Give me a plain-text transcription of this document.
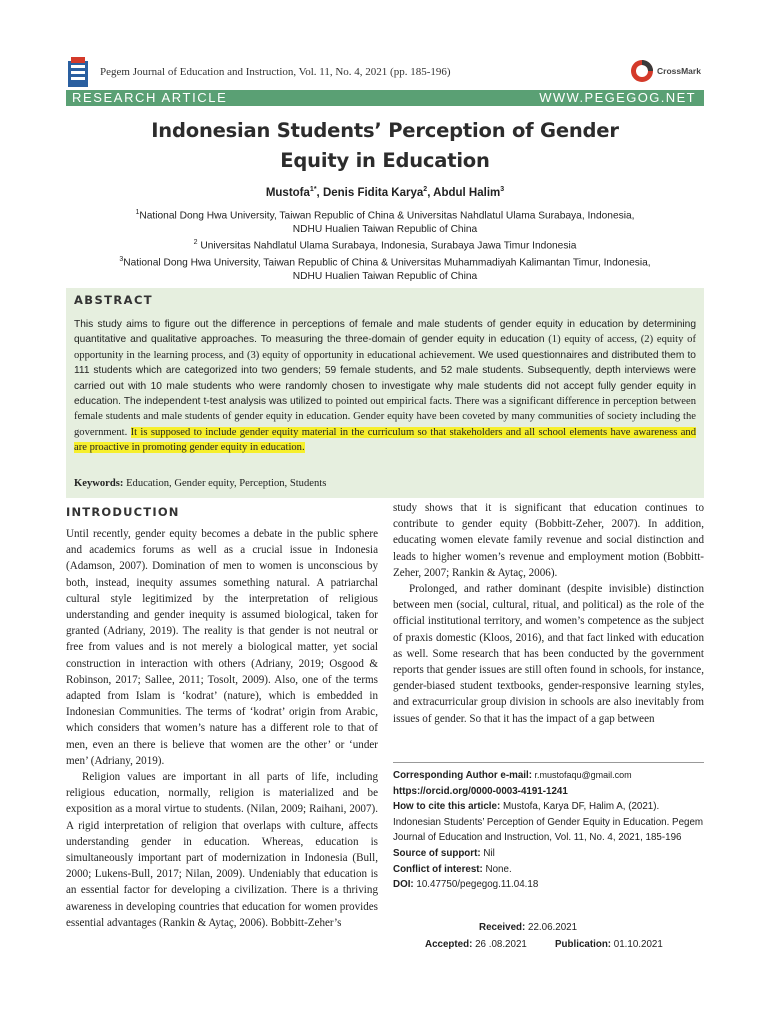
Pegem Journal of Education and Instruction, Vol. 11, No. 4, 2021 (pp. 185-196)	CrossMark
RESEARCH ARTICLE	WWW.PEGEGOG.NET
Indonesian Students’ Perception of Gender
Equity in Education
Mustofa$^{1*}$, Denis Fidita Karya$^2$, Abdul Halim$^3$
$^1$National Dong Hwa University, Taiwan Republic of China & Universitas Nahdlatul Ulama Surabaya, Indonesia,
NDHU Hualien Taiwan Republic of China
$^2$ Universitas Nahdlatul Ulama Surabaya, Indonesia, Surabaya Jawa Timur Indonesia
$^3$National Dong Hwa University, Taiwan Republic of China & Universitas Muhammadiyah Kalimantan Timur, Indonesia,
NDHU Hualien Taiwan Republic of China
ABSTRACT
This study aims to figure out the difference in perceptions of female and male students of gender equity in education by determining quantitative and qualitative approaches. To measuring the three-domain of gender equity in education (1) equity of access, (2) equity of opportunity in the learning process, and (3) equity of opportunity in educational achievement. We used questionnaires and distributed them to 111 students which are categorized into two genders; 59 female students, and 52 male students. Subsequently, depth interviews were carried out with 10 male students who were randomly chosen to investigate why male students did not accept fully gender equity in education. The independent t-test analysis was utilized to pointed out empirical facts. There was a significant difference in perception between female students and male students of gender equity in education. Gender equity have been coveted by many communities of society including the government. It is supposed to include gender equity material in the curriculum so that stakeholders and all school elements have awareness and are proactive in promoting gender equity in education.
Keywords: Education, Gender equity, Perception, Students
INTRODUCTION

Until recently, gender equity becomes a debate in the public sphere and academics forums as well as a crucial issue in Indonesia (Adamson, 2007). Domination of men to women is unconscious by both, instead, inequity assumes something natural. A patriarchal cultural style legitimized by the interpretation of religious understanding and gender inequity is assumed biological, taken for granted (Adriany, 2019). The reality is that gender is not neutral or free from values and is not merely a biological matter, yet social construction in interaction with others (Adriany, 2019; Osgood & Robinson, 2017; Sallee, 2011; Tosolt, 2009). Also, one of the terms adapted from Islam is ‘kodrat’ (nature), which is embedded in Indonesian Communities. The terms of ‘kodrat’ origin from Arabic, which considers that women’s nature has a different role to that of men, even an there is believe that women are the other’ or ‘under men’ (Adriany, 2019).

Religion values are important in all parts of life, including religious education, normally, religion is materialized and be exposition as a moral virtue to students. (Nilan, 2009; Raihani, 2007). A rigid interpretation of religion that overlaps with culture, affects understanding gender in education. Whereas, education is simultaneously important part of modernization in Indonesia (Bull, 2000; Lukens-Bull, 2017; Nilan, 2009). Undeniably that education is an essential factor for developing a civilization. There is a thriving awareness in developing countries that education for women provides essential advantages (Rankin & Aytaç, 2006). Bobbitt-Zeher’s

study shows that it is significant that education continues to contribute to gender equity (Bobbitt-Zeher, 2007). In addition, educating women elevate family revenue and social distinction and leads to higher women’s revenue and employment motion (Bobbitt-Zeher, 2007; Rankin & Aytaç, 2006).

Prolonged, and rather dominant (despite invisible) distinction between men (social, cultural, ritual, and political) as the role of the official institutional territory, and women’s competence as the subject of praxis domestic (Kloos, 2016), and that fact linked with education as well. Some research that has been conducted by the government reports that gender issues are still often found in schools, for instance, gender-biased student textbooks, gender-responsive learning styles, and extracurricular group division in schools are also inevitably from issues of gender. So that it has the impact of a gap between

Corresponding Author e-mail: r.mustofaqu@gmail.com
https://orcid.org/0000-0003-4191-1241
How to cite this article: Mustofa, Karya DF, Halim A, (2021). Indonesian Students’ Perception of Gender Equity in Education. Pegem Journal of Education and Instruction, Vol. 11, No. 4, 2021, 185-196
Source of support: Nil
Conflict of interest: None.
DOI: 10.47750/pegegog.11.04.18
Received: 22.06.2021
Accepted: 26 .08.2021	Publication: 01.10.2021
